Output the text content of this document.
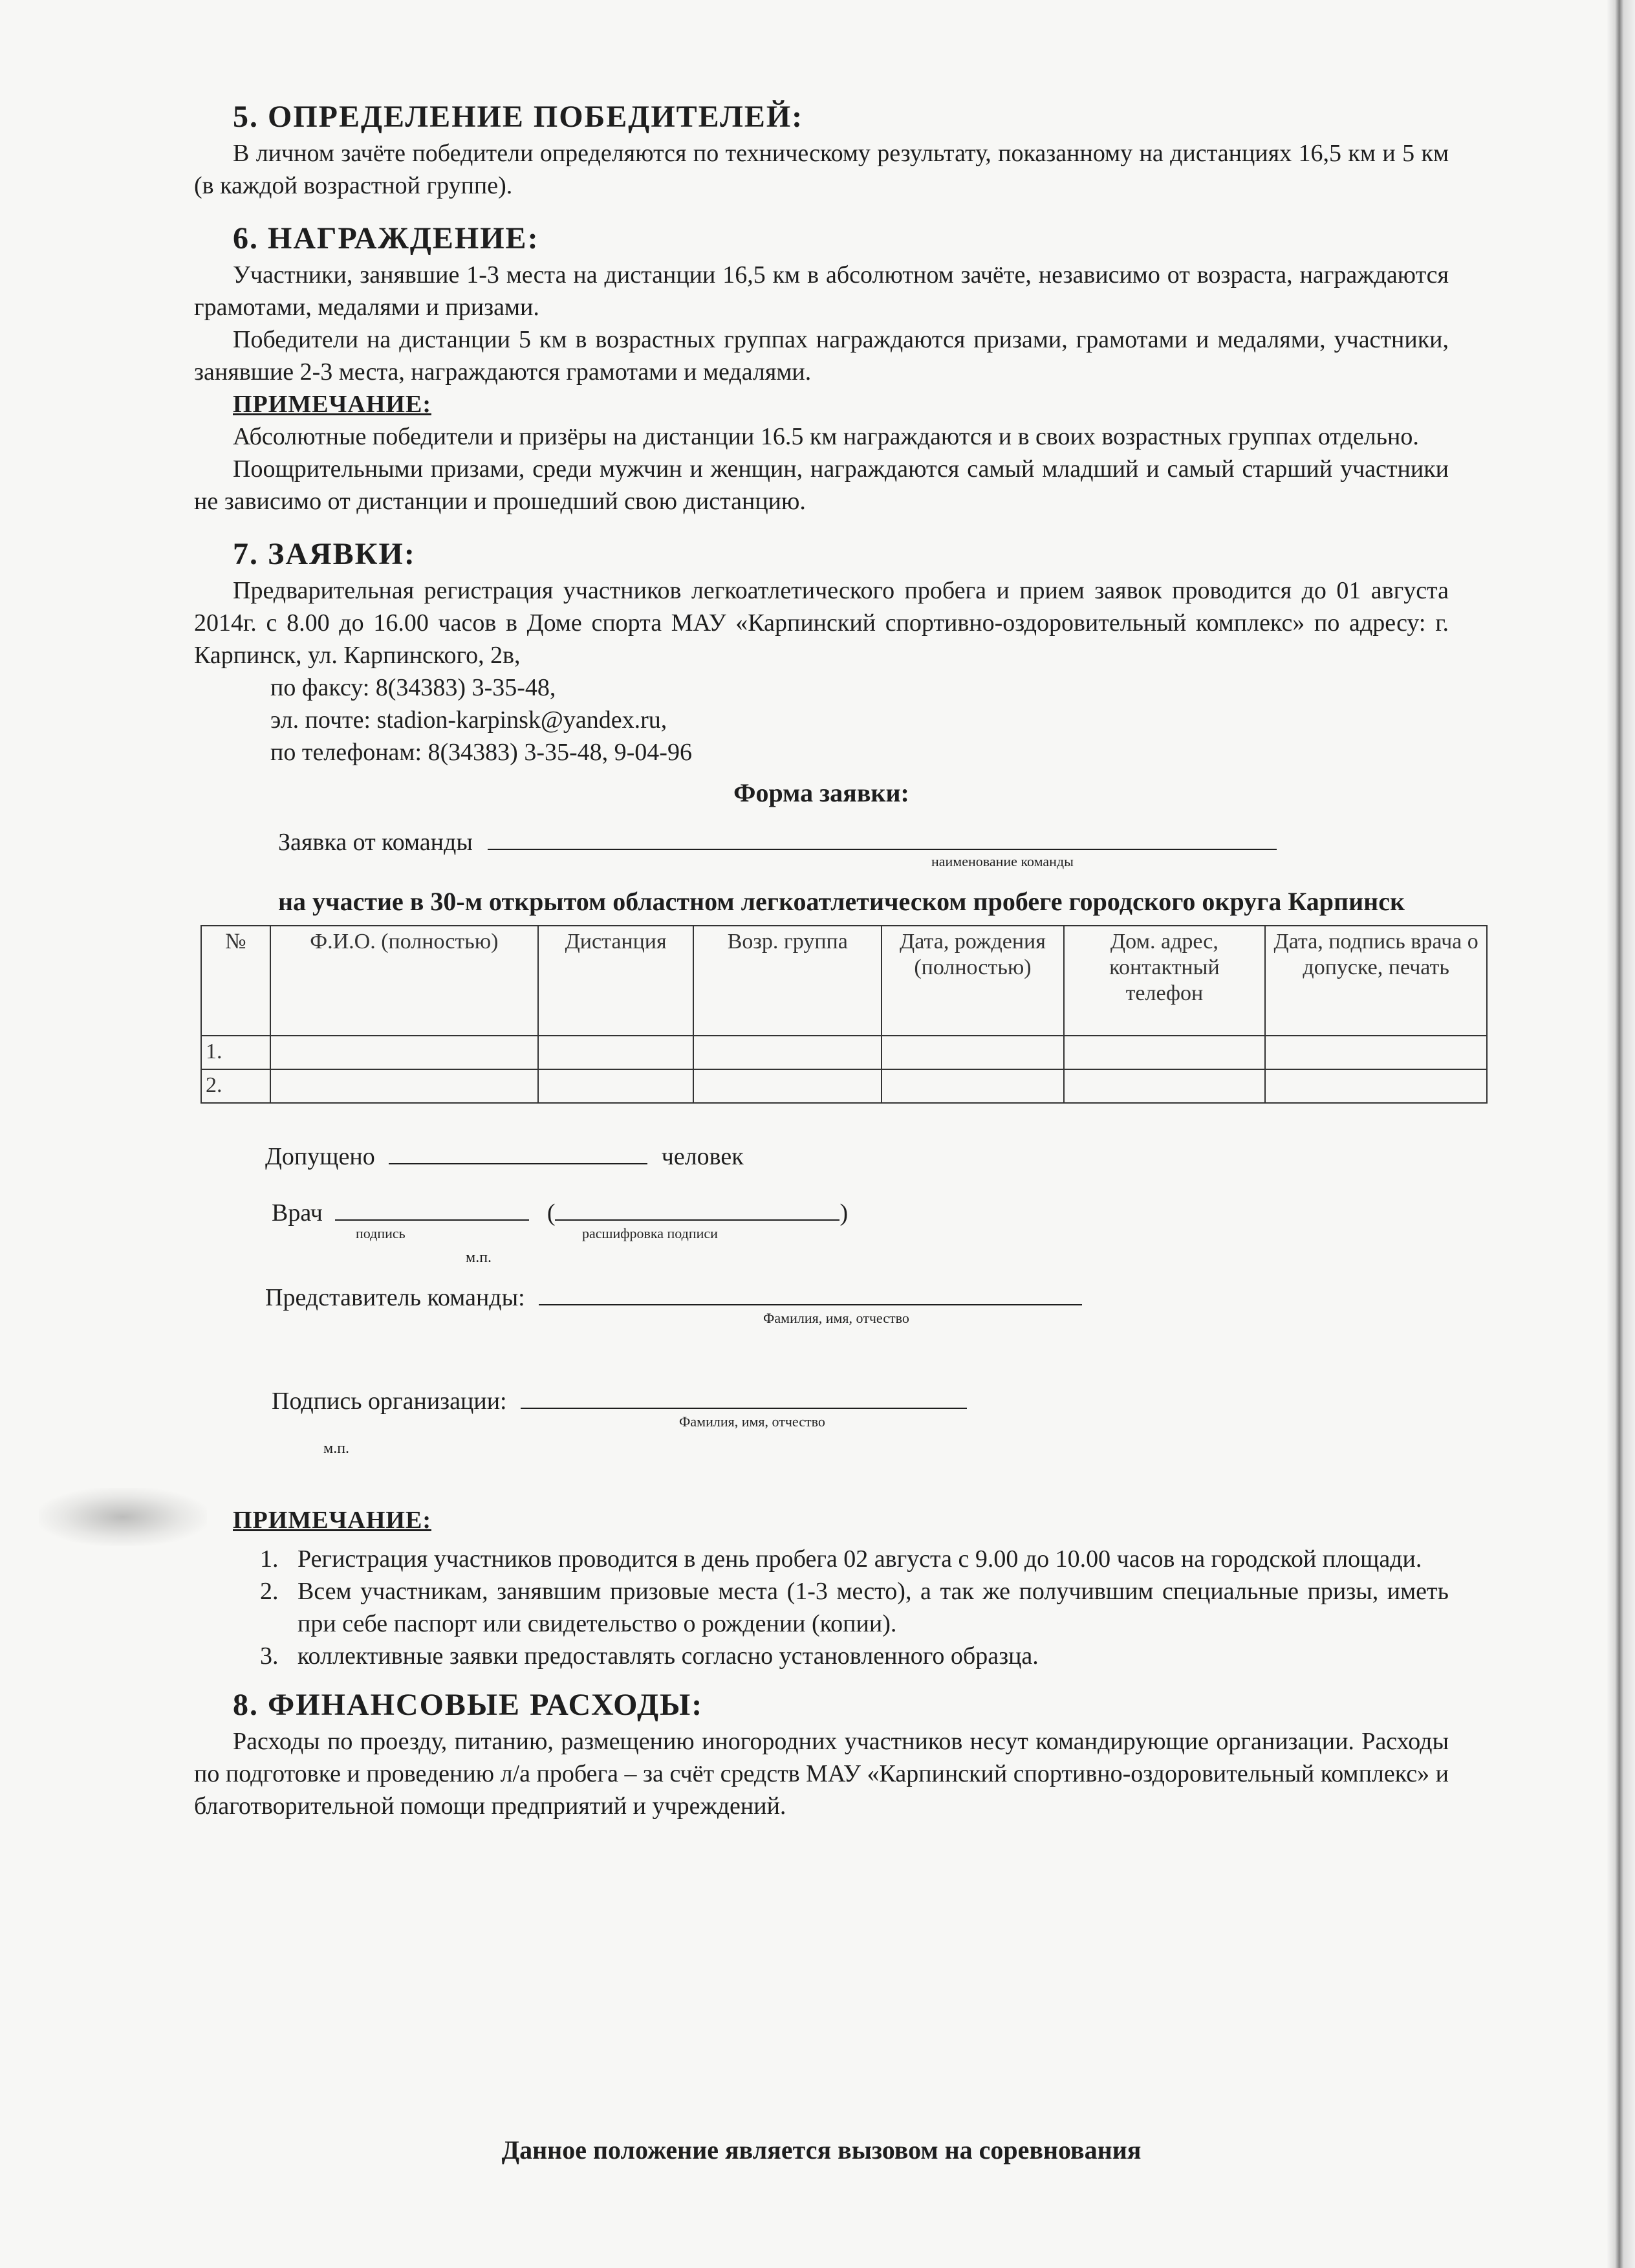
5. ОПРЕДЕЛЕНИЕ ПОБЕДИТЕЛЕЙ:

В личном зачёте победители определяются по техническому результату, показанному на дистанциях 16,5 км и 5 км (в каждой возрастной группе).

6. НАГРАЖДЕНИЕ:

Участники, занявшие 1-3 места на дистанции 16,5 км в абсолютном зачёте, независимо от возраста, награждаются грамотами, медалями и призами.

Победители на дистанции 5 км в возрастных группах награждаются призами, грамотами и медалями, участники, занявшие 2-3 места, награждаются грамотами и медалями.

ПРИМЕЧАНИЕ:

Абсолютные победители и призёры на дистанции 16.5 км награждаются и в своих возрастных группах отдельно.

Поощрительными призами, среди мужчин и женщин, награждаются самый младший и самый старший участники не зависимо от дистанции и прошедший свою дистанцию.

7. ЗАЯВКИ:

Предварительная регистрация участников легкоатлетического пробега и прием заявок проводится до 01 августа 2014г. с 8.00 до 16.00 часов в Доме спорта МАУ «Карпинский спортивно-оздоровительный комплекс» по адресу: г. Карпинск, ул. Карпинского, 2в,

по факсу: 8(34383) 3-35-48,

эл. почте: stadion-karpinsk@yandex.ru,

по телефонам: 8(34383) 3-35-48, 9-04-96

Форма заявки:

Заявка от команды
наименование команды

на участие в 30-м открытом областном легкоатлетическом пробеге городского округа Карпинск

№	Ф.И.О. (полностью)	Дистанция	Возр. группа	Дата, рождения (полностью)	Дом. адрес, контактный телефон	Дата, подпись врача о допуске, печать
1.						
2.						
Допущено	человек
Врач	(	)
подпись	расшифровка подписи
м.п.
Представитель команды:
Фамилия, имя, отчество
Подпись организации:
Фамилия, имя, отчество
м.п.

ПРИМЕЧАНИЕ:

1. Регистрация участников проводится в день пробега 02 августа с 9.00 до 10.00 часов на городской площади.
2. Всем участникам, занявшим призовые места (1-3 место), а так же получившим специальные призы, иметь при себе паспорт или свидетельство о рождении (копии).
3. коллективные заявки предоставлять согласно установленного образца.
8. ФИНАНСОВЫЕ РАСХОДЫ:

Расходы по проезду, питанию, размещению иногородних участников несут командирующие организации. Расходы по подготовке и проведению л/а пробега – за счёт средств МАУ «Карпинский спортивно-оздоровительный комплекс» и благотворительной помощи предприятий и учреждений.

Данное положение является вызовом на соревнования
